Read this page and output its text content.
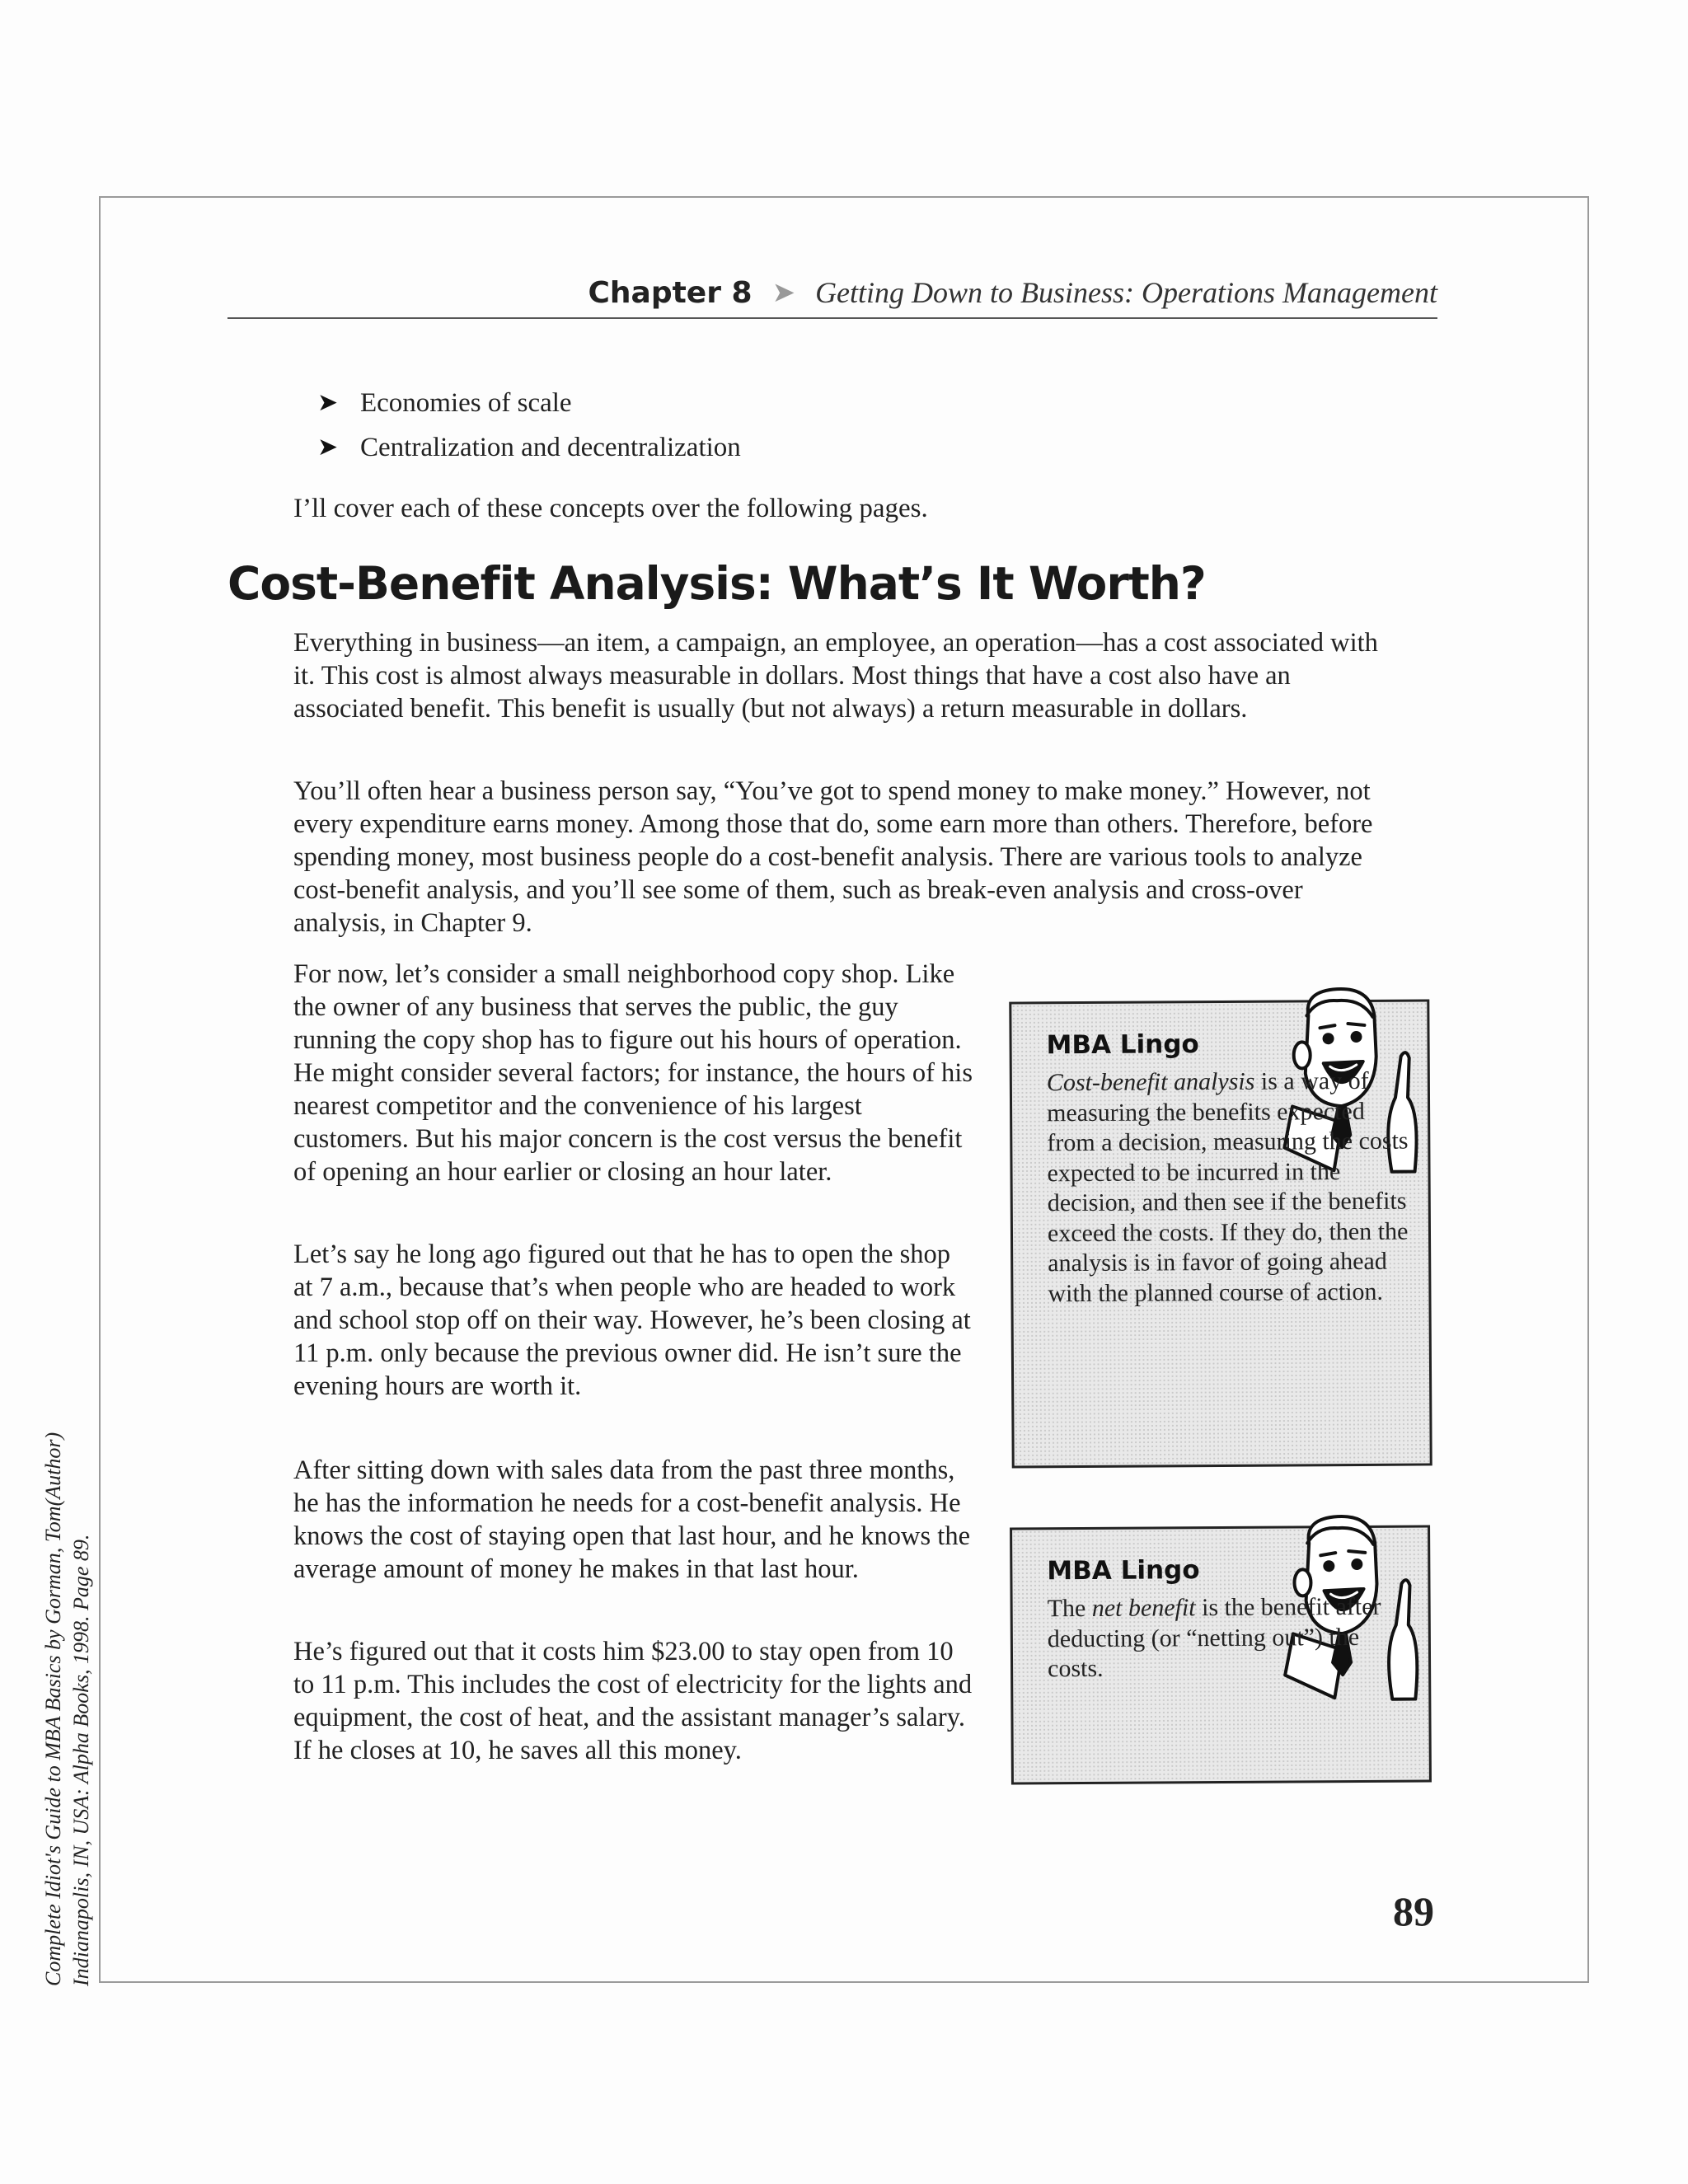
Complete Idiot's Guide to MBA Basics by Gorman, Tom(Author) Indianapolis, IN, USA: Alpha Books, 1998. Page 89.
Chapter 8 ➤ Getting Down to Business: Operations Management
➤ Economies of scale
➤ Centralization and decentralization

I’ll cover each of these concepts over the following pages.

Cost-Benefit Analysis: What’s It Worth?

Everything in business—an item, a campaign, an employee, an operation—has a cost associated with it. This cost is almost always measurable in dollars. Most things that have a cost also have an associated benefit. This benefit is usually (but not always) a return measurable in dollars.

You’ll often hear a business person say, “You’ve got to spend money to make money.” However, not every expenditure earns money. Among those that do, some earn more than others. Therefore, before spending money, most business people do a cost-benefit analysis. There are various tools to analyze cost-benefit analysis, and you’ll see some of them, such as break-even analysis and cross-over analysis, in Chapter 9.

For now, let’s consider a small neighborhood copy shop. Like the owner of any business that serves the public, the guy running the copy shop has to figure out his hours of operation. He might consider several factors; for instance, the hours of his nearest competitor and the convenience of his largest customers. But his major concern is the cost versus the benefit of opening an hour earlier or closing an hour later.

Let’s say he long ago figured out that he has to open the shop at 7 a.m., because that’s when people who are headed to work and school stop off on their way. However, he’s been closing at 11 p.m. only because the previous owner did. He isn’t sure the evening hours are worth it.

After sitting down with sales data from the past three months, he has the information he needs for a cost-benefit analysis. He knows the cost of staying open that last hour, and he knows the average amount of money he makes in that last hour.

He’s figured out that it costs him $23.00 to stay open from 10 to 11 p.m. This includes the cost of electricity for the lights and equipment, the cost of heat, and the assistant manager’s salary. If he closes at 10, he saves all this money.

MBA Lingo

Cost-benefit analysis is a way of measuring the benefits expected from a decision, measuring the costs expected to be incurred in the decision, and then see if the benefits exceed the costs. If they do, then the analysis is in favor of going ahead with the planned course of action.

MBA Lingo

The net benefit is the benefit after deducting (or “netting out”) the costs.

89
